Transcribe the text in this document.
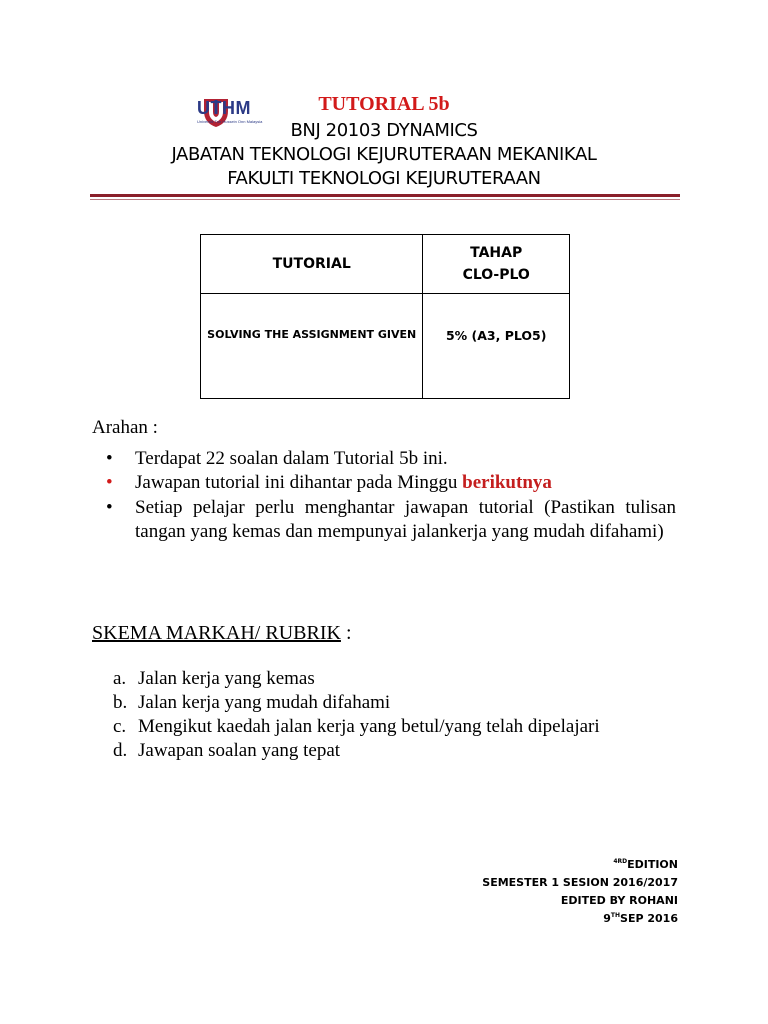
UTHM
Universiti Tun Hussein Onn Malaysia
TUTORIAL 5b
BNJ 20103 DYNAMICS
JABATAN TEKNOLOGI KEJURUTERAAN MEKANIKAL
FAKULTI TEKNOLOGI KEJURUTERAAN
TUTORIAL	TAHAP
CLO-PLO

SOLVING THE ASSIGNMENT GIVEN	5% (A3, PLO5)
Arahan :
• Terdapat 22 soalan dalam Tutorial 5b ini.
• Jawapan tutorial ini dihantar pada Minggu berikutnya
• Setiap pelajar perlu menghantar jawapan tutorial (Pastikan tulisan tangan yang kemas dan mempunyai jalankerja yang mudah difahami)
SKEMA MARKAH/ RUBRIK :
a. Jalan kerja yang kemas
b. Jalan kerja yang mudah difahami
c. Mengikut kaedah jalan kerja yang betul/yang telah dipelajari
d. Jawapan soalan yang tepat
$^{4RD}$EDITION
SEMESTER 1 SESION 2016/2017
EDITED BY ROHANI
9THSEP 2016
